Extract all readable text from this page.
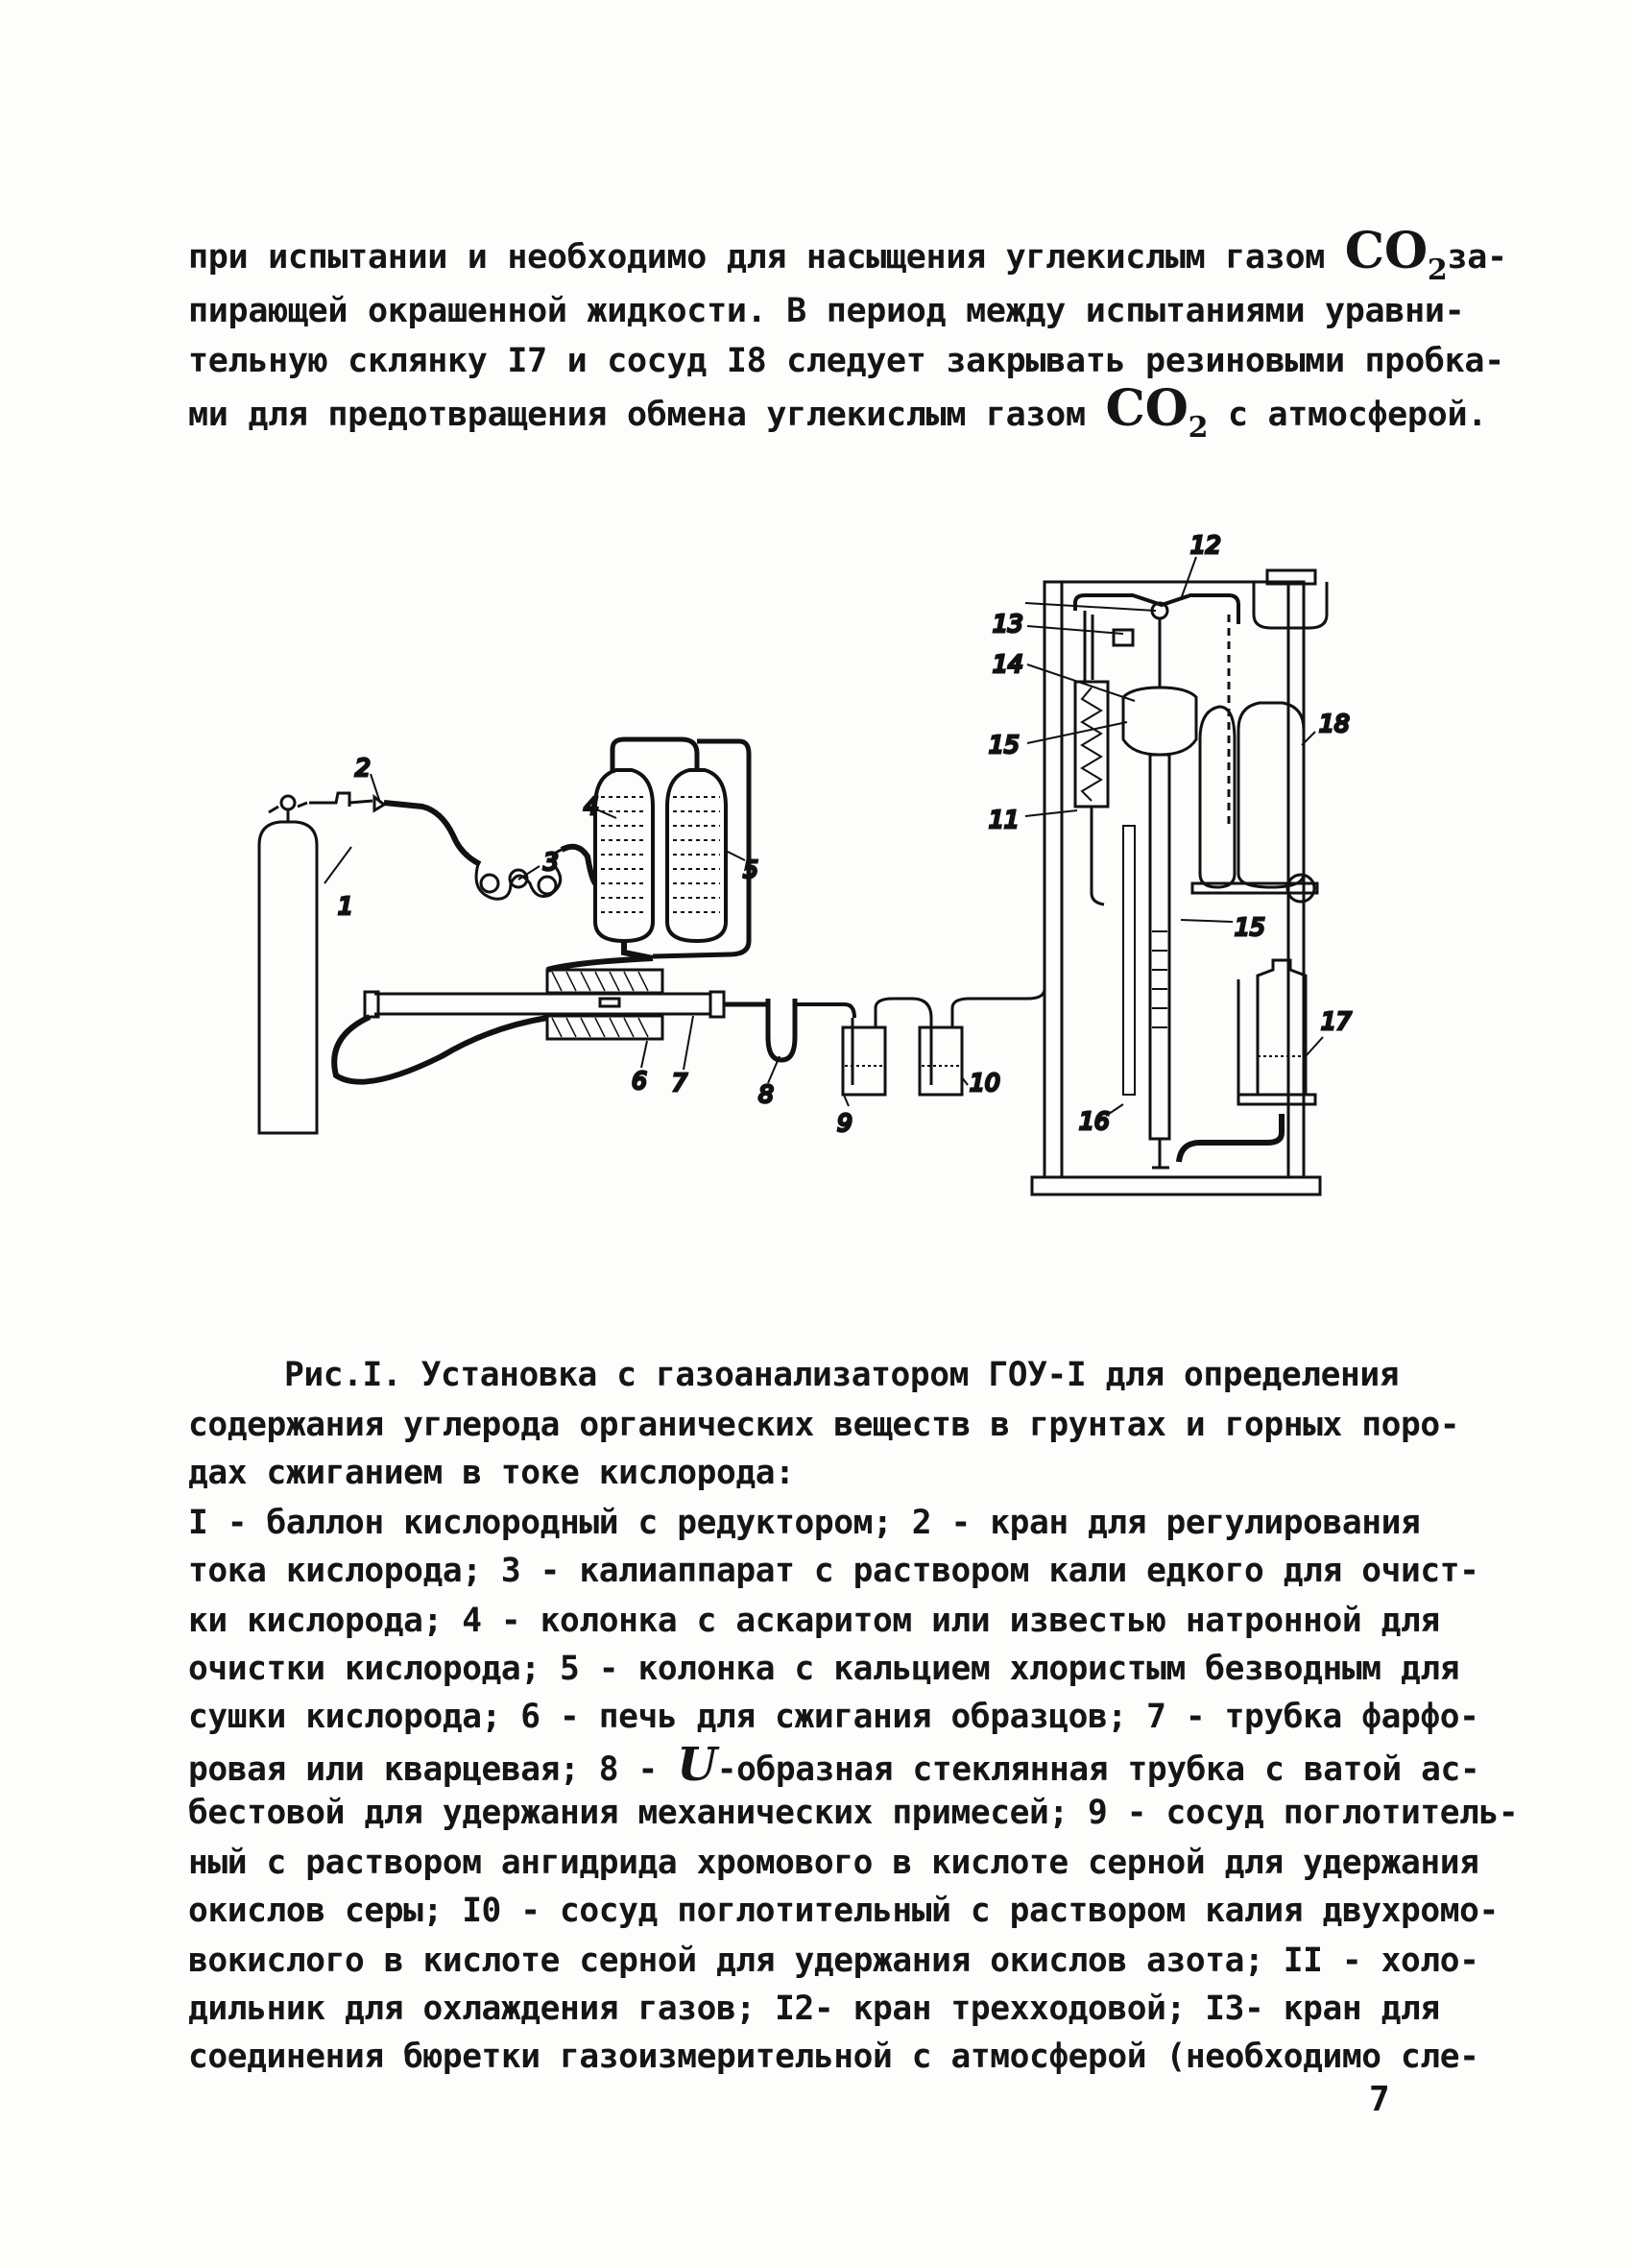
при испытании и необходимо для насыщения углекислым газом $CO_2за-$
пирающей окрашенной жидкости. В период между испытаниями уравни-
тельную склянку I7 и сосуд I8 следует закрывать резиновыми пробка-
ми для предотвращения обмена углекислым газом $CO_2$ с атмосферой.
1
2
3
4
5
6 7	8
9
10
11
12
13
14
15
15
16
17
18
Рис.I. Установка с газоанализатором ГОУ-I для определения
содержания углерода органических веществ в грунтах и горных поро-
дах сжиганием в токе кислорода:
I - баллон кислородный с редуктором; 2 - кран для регулирования
тока кислорода; 3 - калиаппарат с раствором кали едкого для очист-
ки кислорода; 4 - колонка с аскаритом или известью натронной для
очистки кислорода; 5 - колонка с кальцием хлористым безводным для
сушки кислорода; 6 - печь для сжигания образцов; 7 - трубка фарфо-
ровая или кварцевая; 8 - U-образная стеклянная трубка с ватой ас-
бестовой для удержания механических примесей; 9 - сосуд поглотитель-
ный с раствором ангидрида хромового в кислоте серной для удержания
окислов серы; I0 - сосуд поглотительный с раствором калия двухромо-
вокислого в кислоте серной для удержания окислов азота; II - холо-
дильник для охлаждения газов; I2- кран трехходовой; I3- кран для
соединения бюретки газоизмерительной с атмосферой (необходимо сле-
7
